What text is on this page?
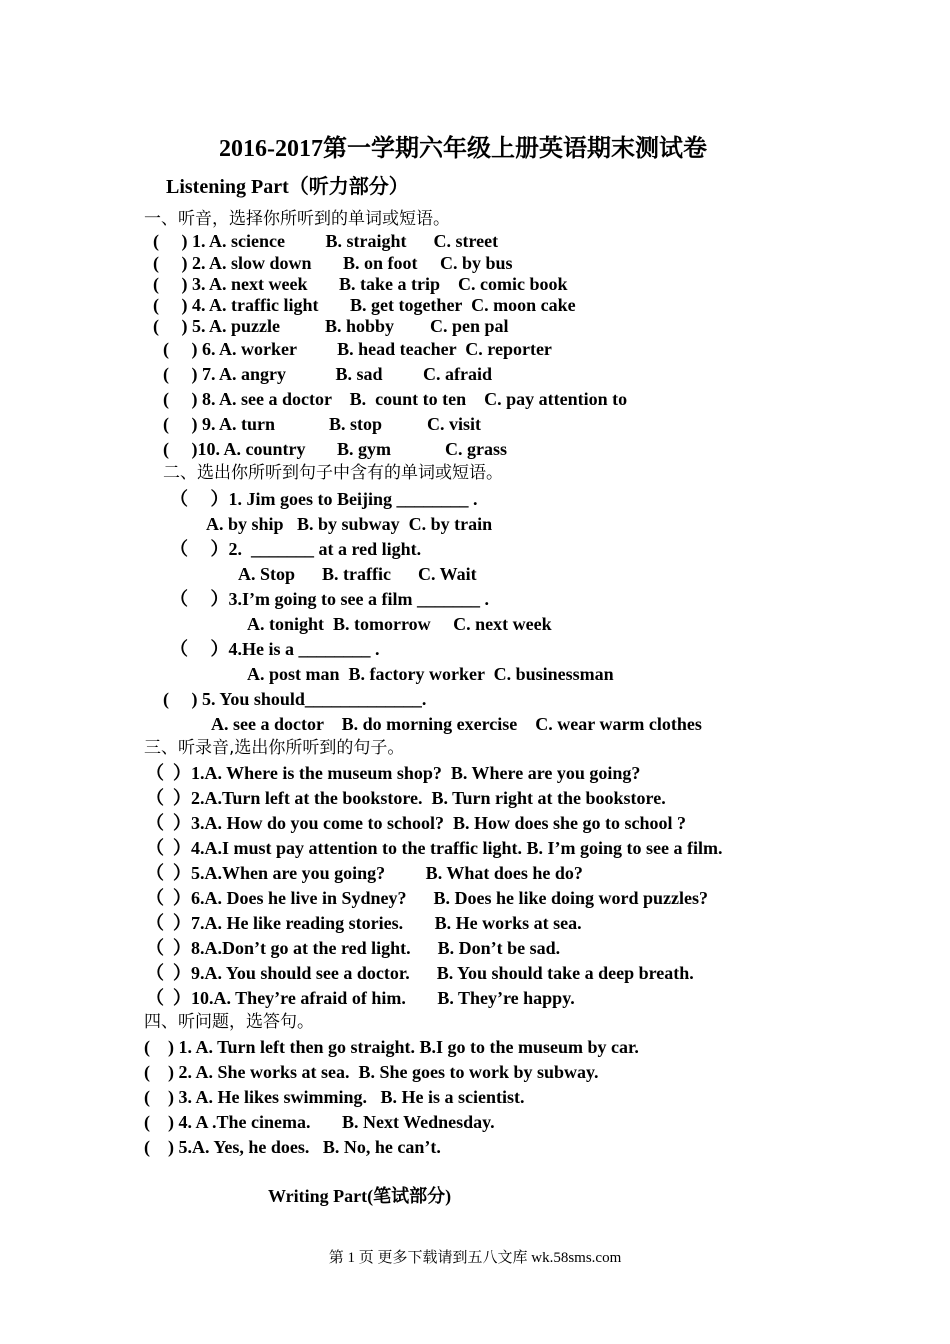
2016-2017第一学期六年级上册英语期末测试卷
Listening Part（听力部分）
一、听音，选择你所听到的单词或短语。
(     ) 1. A. science         B. straight      C. street
(     ) 2. A. slow down       B. on foot     C. by bus
(     ) 3. A. next week       B. take a trip    C. comic book
(     ) 4. A. traffic light       B. get together  C. moon cake
(     ) 5. A. puzzle          B. hobby        C. pen pal
(     ) 6. A. worker         B. head teacher  C. reporter
(     ) 7. A. angry           B. sad         C. afraid
(     ) 8. A. see a doctor    B.  count to ten    C. pay attention to
(     ) 9. A. turn            B. stop          C. visit
(     )10. A. country       B. gym            C. grass
二、选出你所听到句子中含有的单词或短语。
（     ）1. Jim goes to Beijing ________ .
A. by ship   B. by subway  C. by train
（     ）2.  _______ at a red light.
A. Stop      B. traffic      C. Wait
（     ）3.I’m going to see a film _______ .
A. tonight  B. tomorrow     C. next week
（     ）4.He is a ________ .
A. post man  B. factory worker  C. businessman
(     ) 5. You should_____________.
A. see a doctor    B. do morning exercise    C. wear warm clothes
三、听录音,选出你所听到的句子。
（  ）1.A. Where is the museum shop?  B. Where are you going?
（  ）2.A.Turn left at the bookstore.  B. Turn right at the bookstore.
（  ）3.A. How do you come to school?  B. How does she go to school ?
（  ）4.A.I must pay attention to the traffic light. B. I’m going to see a film.
（  ）5.A.When are you going?         B. What does he do?
（  ）6.A. Does he live in Sydney?      B. Does he like doing word puzzles?
（  ）7.A. He like reading stories.       B. He works at sea.
（  ）8.A.Don’t go at the red light.      B. Don’t be sad.
（  ）9.A. You should see a doctor.      B. You should take a deep breath.
（  ）10.A. They’re afraid of him.       B. They’re happy.
四、听问题，选答句。
(    ) 1. A. Turn left then go straight. B.I go to the museum by car.
(    ) 2. A. She works at sea.  B. She goes to work by subway.
(    ) 3. A. He likes swimming.   B. He is a scientist.
(    ) 4. A .The cinema.       B. Next Wednesday.
(    ) 5.A. Yes, he does.   B. No, he can’t.
Writing Part(笔试部分)
第 1 页 更多下载请到五八文库 wk.58sms.com
